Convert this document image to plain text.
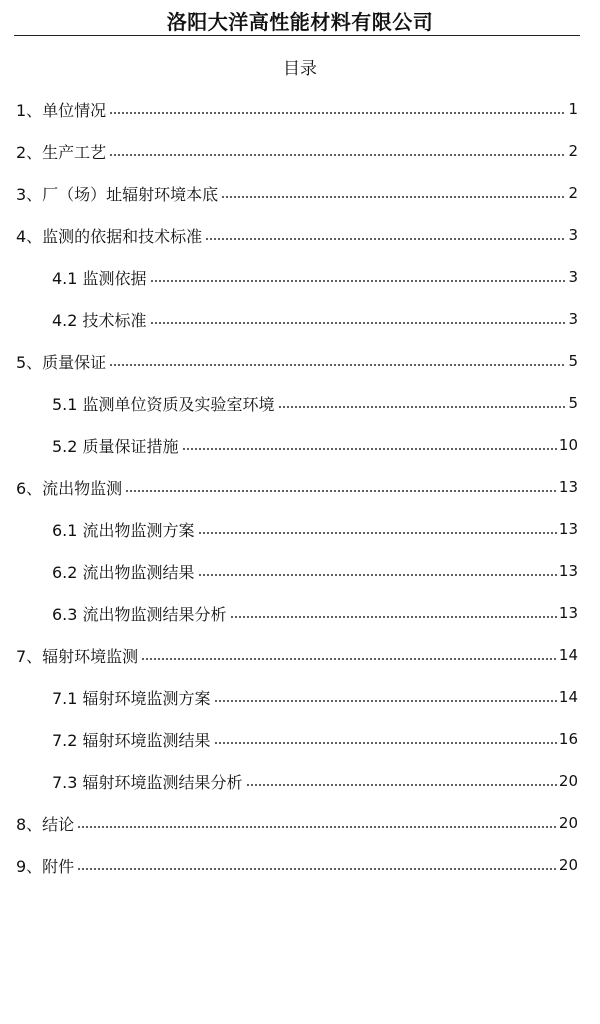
洛阳大洋高性能材料有限公司
目录
1、单位情况	1
2、生产工艺	2
3、厂（场）址辐射环境本底	2
4、监测的依据和技术标准	3
4.1 监测依据	3
4.2 技术标准	3
5、质量保证	5
5.1 监测单位资质及实验室环境	5
5.2 质量保证措施	10
6、流出物监测	13
6.1 流出物监测方案	13
6.2 流出物监测结果	13
6.3 流出物监测结果分析	13
7、辐射环境监测	14
7.1 辐射环境监测方案	14
7.2 辐射环境监测结果	16
7.3 辐射环境监测结果分析	20
8、结论	20
9、附件	20
